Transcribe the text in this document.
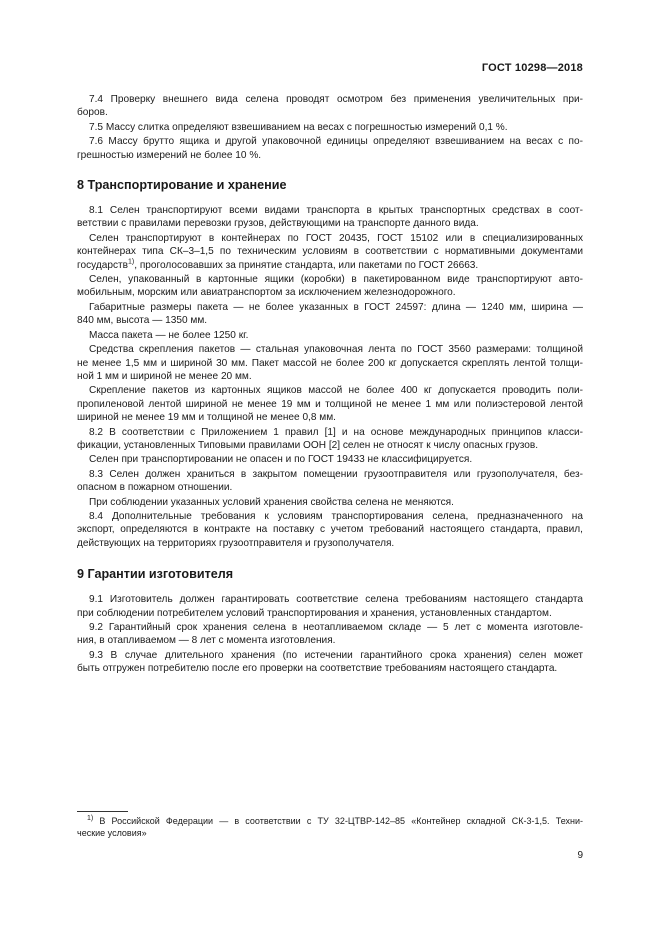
ГОСТ 10298—2018
7.4 Проверку внешнего вида селена проводят осмотром без применения увеличительных при-
боров.
7.5 Массу слитка определяют взвешиванием на весах с погрешностью измерений 0,1 %.
7.6 Массу брутто ящика и другой упаковочной единицы определяют взвешиванием на весах с по-
грешностью измерений не более 10 %.
8 Транспортирование и хранение
8.1 Селен транспортируют всеми видами транспорта в крытых транспортных средствах в соот-
ветствии с правилами перевозки грузов, действующими на транспорте данного вида.
Селен транспортируют в контейнерах по ГОСТ 20435, ГОСТ 15102 или в специализированных
контейнерах типа СК–3–1,5 по техническим условиям в соответствии с нормативными документами
государств$^{1)}$, проголосовавших за принятие стандарта, или пакетами по ГОСТ 26663.
Селен, упакованный в картонные ящики (коробки) в пакетированном виде транспортируют авто-
мобильным, морским или авиатранспортом за исключением железнодорожного.
Габаритные размеры пакета — не более указанных в ГОСТ 24597: длина — 1240 мм, ширина —
840 мм, высота — 1350 мм.
Масса пакета — не более 1250 кг.
Средства скрепления пакетов — стальная упаковочная лента по ГОСТ 3560 размерами: толщиной
не менее 1,5 мм и шириной 30 мм. Пакет массой не более 200 кг допускается скреплять лентой толщи-
ной 1 мм и шириной не менее 20 мм.
Скрепление пакетов из картонных ящиков массой не более 400 кг допускается проводить поли-
пропиленовой лентой шириной не менее 19 мм и толщиной не менее 1 мм или полиэстеровой лентой
шириной не менее 19 мм и толщиной не менее 0,8 мм.
8.2 В соответствии с Приложением 1 правил [1] и на основе международных принципов класси-
фикации, установленных Типовыми правилами ООН [2] селен не относят к числу опасных грузов.
Селен при транспортировании не опасен и по ГОСТ 19433 не классифицируется.
8.3 Селен должен храниться в закрытом помещении грузоотправителя или грузополучателя, без-
опасном в пожарном отношении.
При соблюдении указанных условий хранения свойства селена не меняются.
8.4 Дополнительные требования к условиям транспортирования селена, предназначенного на
экспорт, определяются в контракте на поставку с учетом требований настоящего стандарта, правил,
действующих на территориях грузоотправителя и грузополучателя.
9 Гарантии изготовителя
9.1 Изготовитель должен гарантировать соответствие селена требованиям настоящего стандарта
при соблюдении потребителем условий транспортирования и хранения, установленных стандартом.
9.2 Гарантийный срок хранения селена в неотапливаемом складе — 5 лет с момента изготовле-
ния, в отапливаемом — 8 лет с момента изготовления.
9.3 В случае длительного хранения (по истечении гарантийного срока хранения) селен может
быть отгружен потребителю после его проверки на соответствие требованиям настоящего стандарта.
$^{1)}$ В Российской Федерации — в соответствии с ТУ 32-ЦТВР-142–85 «Контейнер складной СК-3-1,5. Техни-
ческие условия»
9
